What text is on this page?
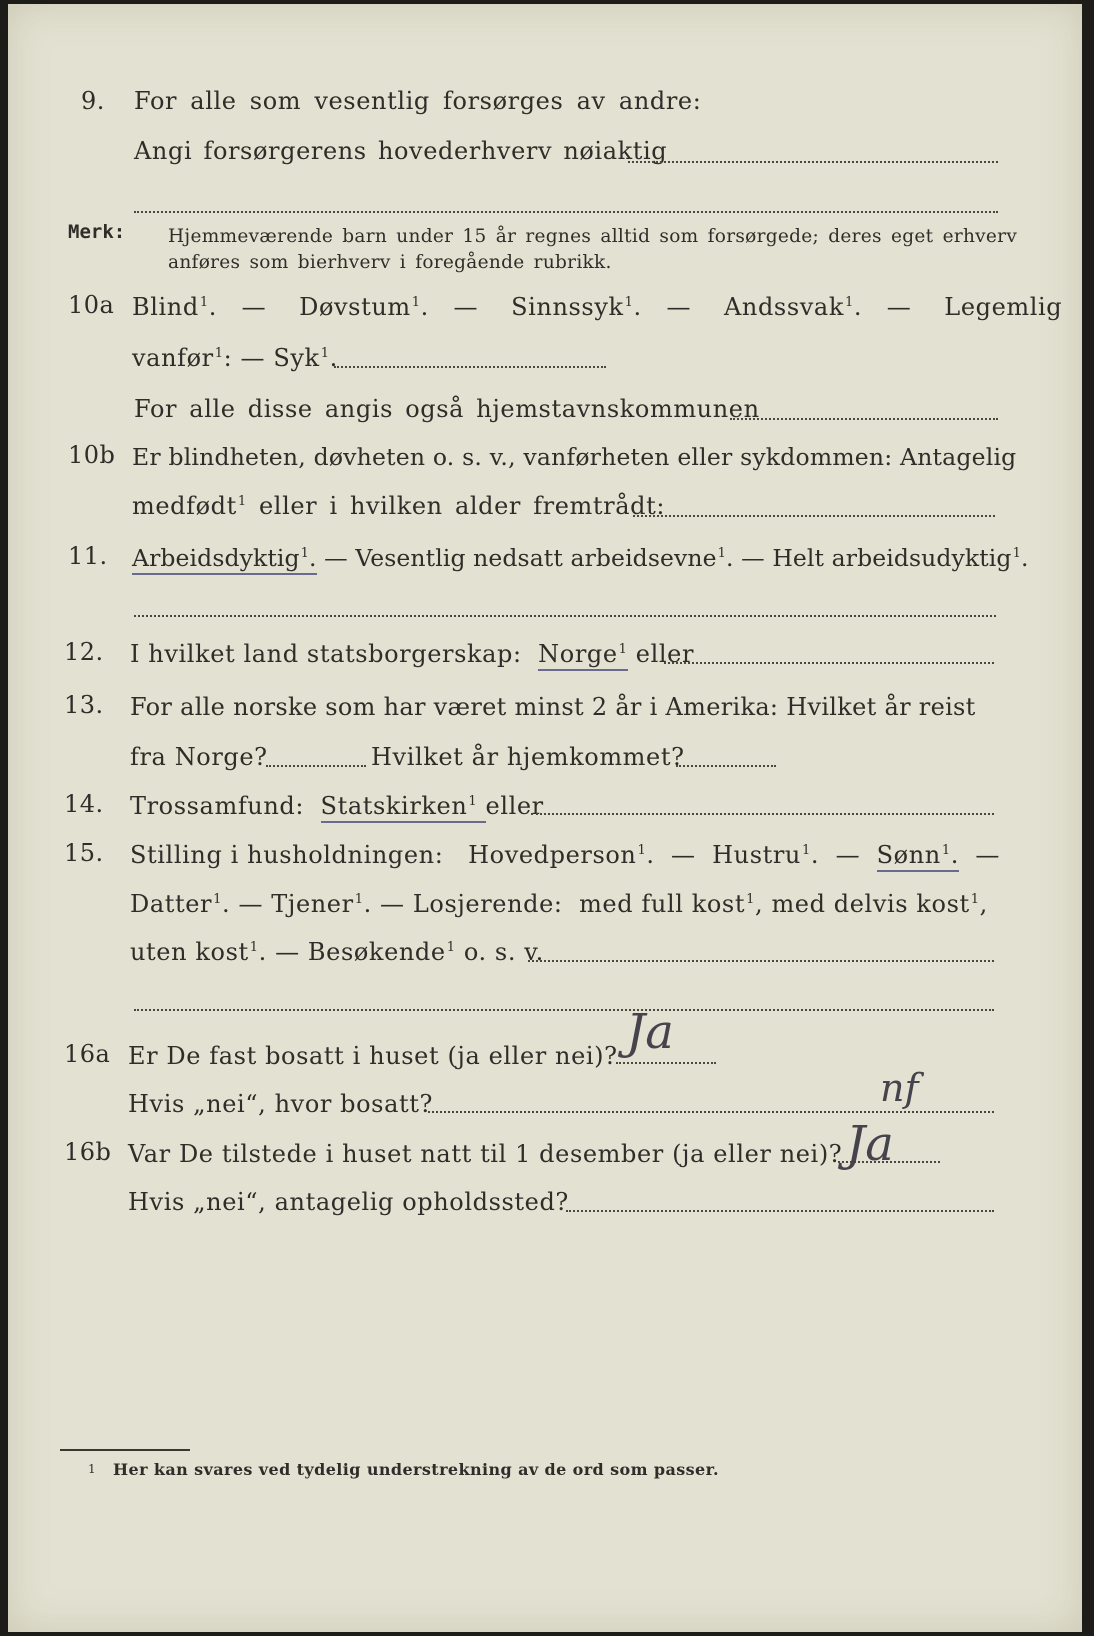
9. For alle som vesentlig forsørges av andre:
Angi forsørgerens hovederhverv nøiaktig
Merk: Hjemmeværende barn under 15 år regnes alltid som forsørgede; deres eget erhverv
anføres som bierhverv i foregående rubrikk.
10a Blind$^1$.   —    Døvstum$^1$.   —    Sinnssyk$^1$.   —    Andssvak$^1$.   —    Legemlig
vanfør$^1$: — Syk$^1$.
For alle disse angis også hjemstavnskommunen
10b Er blindheten, døvheten o. s. v., vanførheten eller sykdommen: Antagelig
medfødt$^1$ eller i hvilken alder fremtrådt:
11. Arbeidsdyktig$^1$. — Vesentlig nedsatt arbeidsevne$^1$. — Helt arbeidsudyktig$^1$.
12. I hvilket land statsborgerskap: Norge$^1$ eller
13. For alle norske som har været minst 2 år i Amerika: Hvilket år reist
fra Norge?	Hvilket år hjemkommet?
14. Trossamfund: Statskirken$^1$ eller
15. Stilling i husholdningen: Hovedperson$^1$.  —  Hustru$^1$.  —  Sønn$^1$.  —
Datter$^1$. — Tjener$^1$. — Losjerende: med full kost$^1$, med delvis kost$^1$,
uten kost$^1$. — Besøkende$^1$ o. s. v.
16a Er De fast bosatt i huset (ja eller nei)? Ja
Hvis „nei“, hvor bosatt?	nf
16b Var De tilstede i huset natt til 1 desember (ja eller nei)? Ja
Hvis „nei“, antagelig opholdssted?
1 Her kan svares ved tydelig understrekning av de ord som passer.
